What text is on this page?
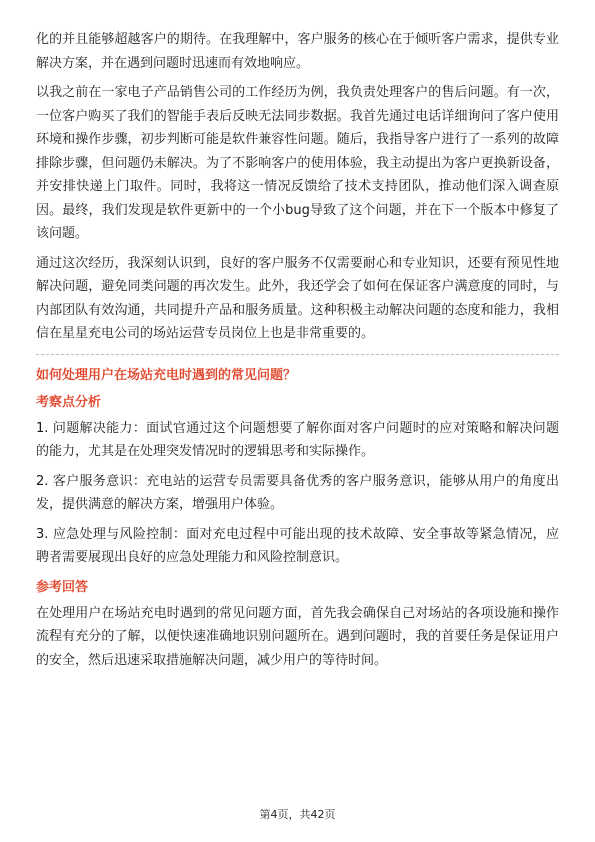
化的并且能够超越客户的期待。在我理解中，客户服务的核心在于倾听客户需求，提供专业解决方案，并在遇到问题时迅速而有效地响应。

以我之前在一家电子产品销售公司的工作经历为例，我负责处理客户的售后问题。有一次，一位客户购买了我们的智能手表后反映无法同步数据。我首先通过电话详细询问了客户使用环境和操作步骤，初步判断可能是软件兼容性问题。随后，我指导客户进行了一系列的故障排除步骤，但问题仍未解决。为了不影响客户的使用体验，我主动提出为客户更换新设备，并安排快递上门取件。同时，我将这一情况反馈给了技术支持团队，推动他们深入调查原因。最终，我们发现是软件更新中的一个小bug导致了这个问题，并在下一个版本中修复了该问题。

通过这次经历，我深刻认识到，良好的客户服务不仅需要耐心和专业知识，还要有预见性地解决问题，避免同类问题的再次发生。此外，我还学会了如何在保证客户满意度的同时，与内部团队有效沟通，共同提升产品和服务质量。这种积极主动解决问题的态度和能力，我相信在星星充电公司的场站运营专员岗位上也是非常重要的。

如何处理用户在场站充电时遇到的常见问题？
考察点分析

1. 问题解决能力：面试官通过这个问题想要了解你面对客户问题时的应对策略和解决问题的能力，尤其是在处理突发情况时的逻辑思考和实际操作。

2. 客户服务意识：充电站的运营专员需要具备优秀的客户服务意识，能够从用户的角度出发，提供满意的解决方案，增强用户体验。

3. 应急处理与风险控制：面对充电过程中可能出现的技术故障、安全事故等紧急情况，应聘者需要展现出良好的应急处理能力和风险控制意识。

参考回答

在处理用户在场站充电时遇到的常见问题方面，首先我会确保自己对场站的各项设施和操作流程有充分的了解，以便快速准确地识别问题所在。遇到问题时，我的首要任务是保证用户的安全，然后迅速采取措施解决问题，减少用户的等待时间。

第4页，共42页
